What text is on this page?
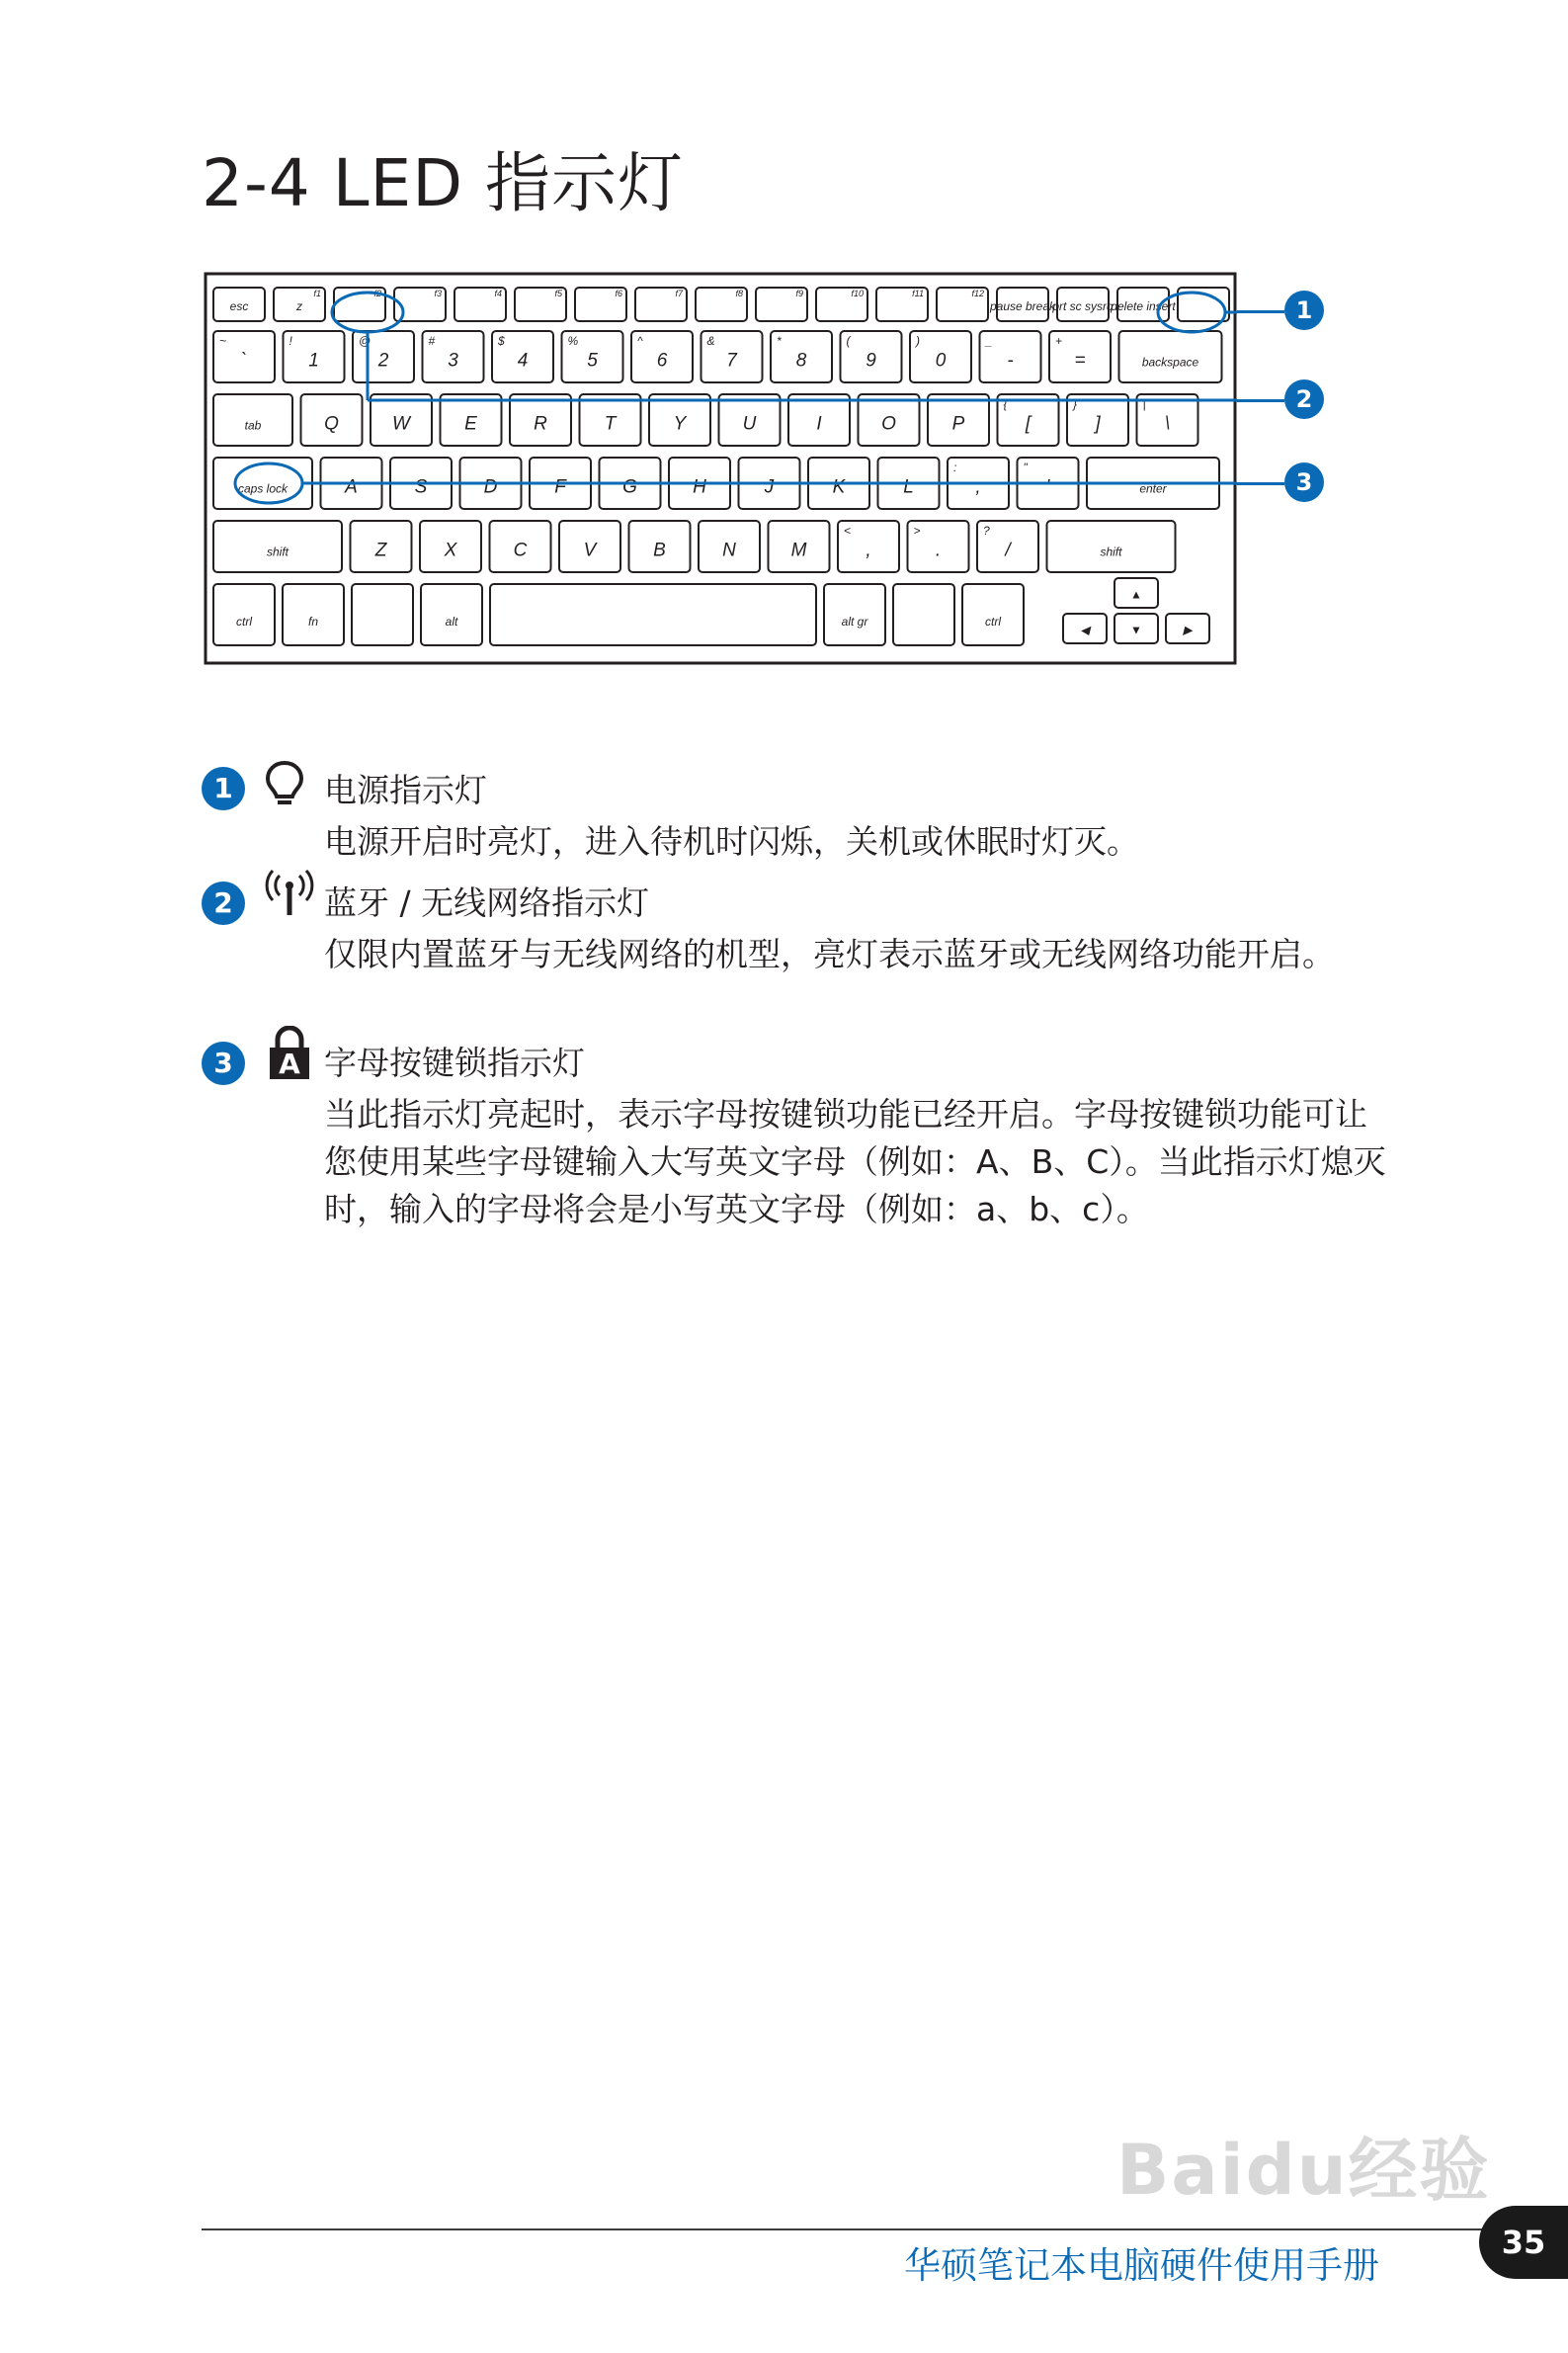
2-4 LED 指示灯
esc	z
f1	f2	f3	f4	f5	f6	f7	f8	f9	f10	f11	f12
pause break
prt sc sysrq
delete insert
`
~
1
!
2
@
3
#
4
$
5
%
6
^
7
&
8
*
9
(
0
)
-
_
=
+
backspace
tab	Q	W	E	R	T	Y	U	I	O	P	[
{
]
}
\
|
caps lock	A	S	D	F	G	H	J	K	L	;
:
'
"
enter
shift	Z	X	C	V	B	N	M	,
<
.
>
/
?
shift
ctrl	fn	alt	alt gr	ctrl
▲
◀	▼	▶
1	电源指示灯
电源开启时亮灯，进入待机时闪烁，关机或休眠时灯灭。
2	蓝牙 / 无线网络指示灯
仅限内置蓝牙与无线网络的机型，亮灯表示蓝牙或无线网络功能开启。
3	A 字母按键锁指示灯
当此指示灯亮起时，表示字母按键锁功能已经开启。字母按键锁功能可让您使用某些字母键输入大写英文字母（例如：A、B、C）。当此指示灯熄灭时，输入的字母将会是小写英文字母（例如：a、b、c）。
Baidu经验
华硕笔记本电脑硬件使用手册
35
1
2
3
